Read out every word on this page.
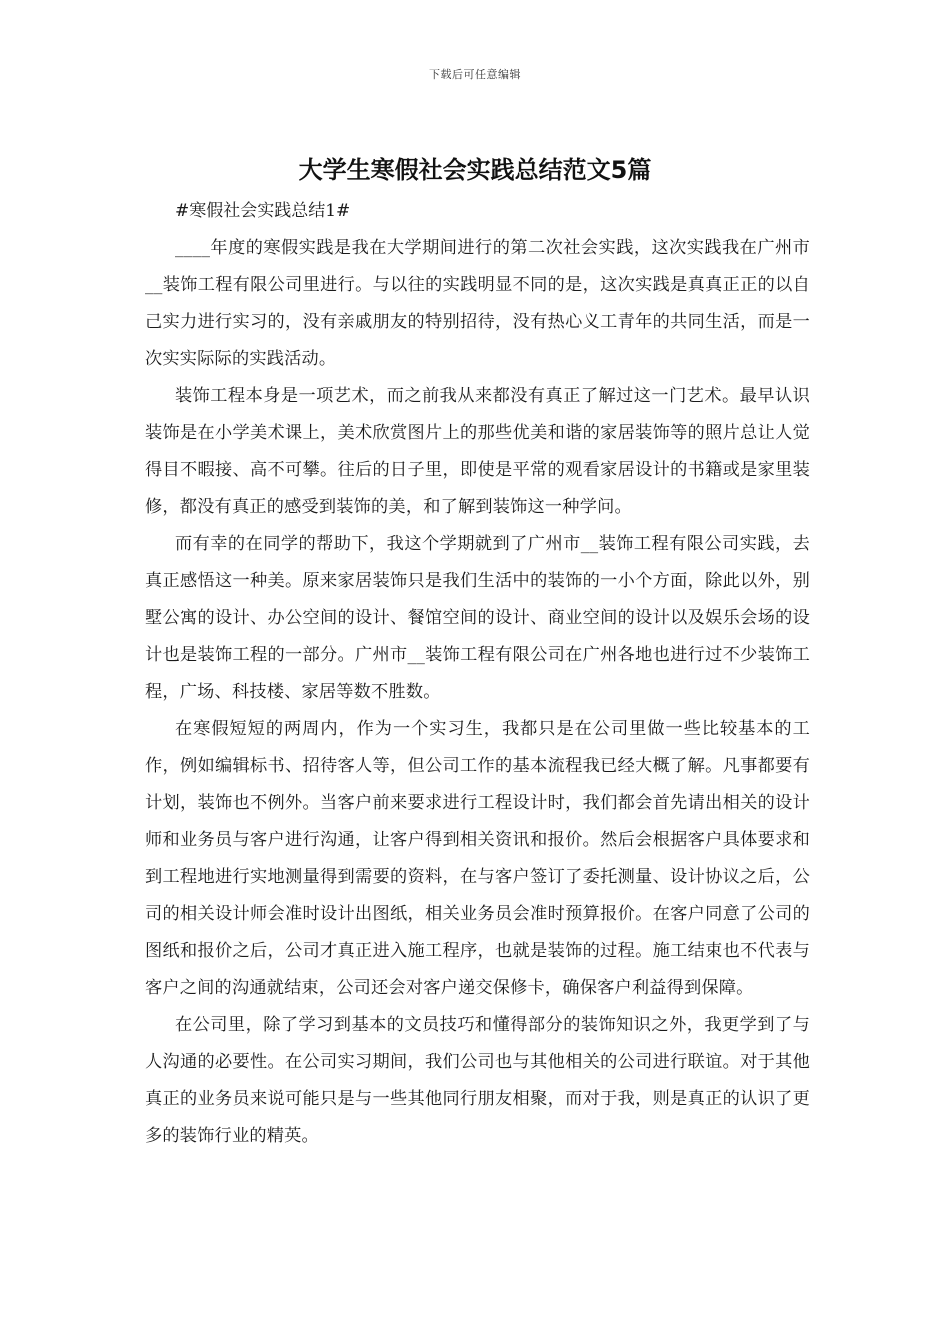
下载后可任意编辑
大学生寒假社会实践总结范文5篇

#寒假社会实践总结1#

____年度的寒假实践是我在大学期间进行的第二次社会实践，这次实践我在广州市__装饰工程有限公司里进行。与以往的实践明显不同的是，这次实践是真真正正的以自己实力进行实习的，没有亲戚朋友的特别招待，没有热心义工青年的共同生活，而是一次实实际际的实践活动。

装饰工程本身是一项艺术，而之前我从来都没有真正了解过这一门艺术。最早认识装饰是在小学美术课上，美术欣赏图片上的那些优美和谐的家居装饰等的照片总让人觉得目不暇接、高不可攀。往后的日子里，即使是平常的观看家居设计的书籍或是家里装修，都没有真正的感受到装饰的美，和了解到装饰这一种学问。

而有幸的在同学的帮助下，我这个学期就到了广州市__装饰工程有限公司实践，去真正感悟这一种美。原来家居装饰只是我们生活中的装饰的一小个方面，除此以外，别墅公寓的设计、办公空间的设计、餐馆空间的设计、商业空间的设计以及娱乐会场的设计也是装饰工程的一部分。广州市__装饰工程有限公司在广州各地也进行过不少装饰工程，广场、科技楼、家居等数不胜数。

在寒假短短的两周内，作为一个实习生，我都只是在公司里做一些比较基本的工作，例如编辑标书、招待客人等，但公司工作的基本流程我已经大概了解。凡事都要有计划，装饰也不例外。当客户前来要求进行工程设计时，我们都会首先请出相关的设计师和业务员与客户进行沟通，让客户得到相关资讯和报价。然后会根据客户具体要求和到工程地进行实地测量得到需要的资料，在与客户签订了委托测量、设计协议之后，公司的相关设计师会准时设计出图纸，相关业务员会准时预算报价。在客户同意了公司的图纸和报价之后，公司才真正进入施工程序，也就是装饰的过程。施工结束也不代表与客户之间的沟通就结束，公司还会对客户递交保修卡，确保客户利益得到保障。

在公司里，除了学习到基本的文员技巧和懂得部分的装饰知识之外，我更学到了与人沟通的必要性。在公司实习期间，我们公司也与其他相关的公司进行联谊。对于其他真正的业务员来说可能只是与一些其他同行朋友相聚，而对于我，则是真正的认识了更多的装饰行业的精英。
